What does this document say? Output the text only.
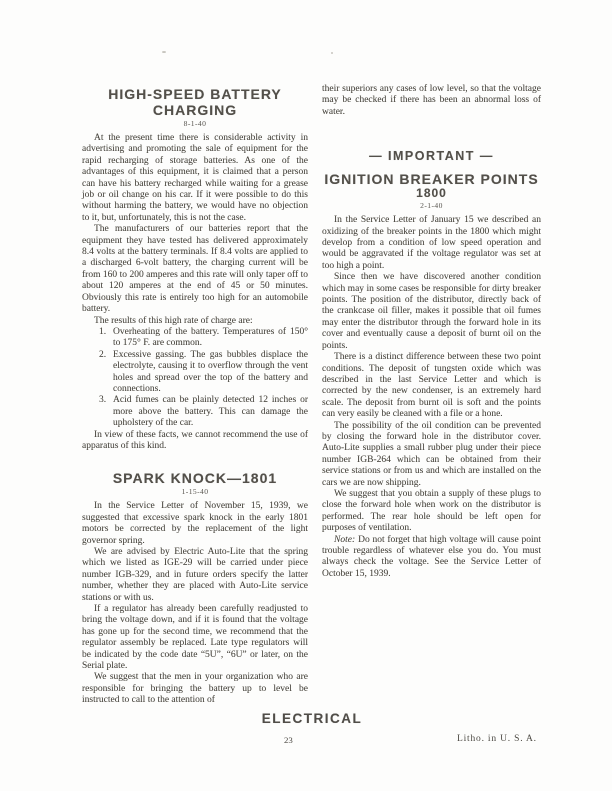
HIGH-SPEED BATTERY
CHARGING
8-1-40

At the present time there is considerable activity in advertising and promoting the sale of equipment for the rapid recharging of storage batteries. As one of the advantages of this equipment, it is claimed that a person can have his battery recharged while waiting for a grease job or oil change on his car. If it were possible to do this without harming the battery, we would have no objection to it, but, unfortunately, this is not the case.

The manufacturers of our batteries report that the equipment they have tested has delivered approximately 8.4 volts at the battery terminals. If 8.4 volts are applied to a discharged 6-volt battery, the charging current will be from 160 to 200 amperes and this rate will only taper off to about 120 amperes at the end of 45 or 50 minutes. Obviously this rate is entirely too high for an automobile battery.

The results of this high rate of charge are:

1. Overheating of the battery. Temperatures of 150° to 175° F. are common.

2. Excessive gassing. The gas bubbles displace the electrolyte, causing it to overflow through the vent holes and spread over the top of the battery and connections.

3. Acid fumes can be plainly detected 12 inches or more above the battery. This can damage the upholstery of the car.

In view of these facts, we cannot recommend the use of apparatus of this kind.

SPARK KNOCK—1801
1-15-40

In the Service Letter of November 15, 1939, we suggested that excessive spark knock in the early 1801 motors be corrected by the replacement of the light governor spring.

We are advised by Electric Auto-Lite that the spring which we listed as IGE-29 will be carried under piece number IGB-329, and in future orders specify the latter number, whether they are placed with Auto-Lite service stations or with us.

If a regulator has already been carefully readjusted to bring the voltage down, and if it is found that the voltage has gone up for the second time, we recommend that the regulator assembly be replaced. Late type regulators will be indicated by the code date “5U”, “6U” or later, on the Serial plate.

We suggest that the men in your organization who are responsible for bringing the battery up to level be instructed to call to the attention of

their superiors any cases of low level, so that the voltage may be checked if there has been an abnormal loss of water.

— IMPORTANT —
IGNITION BREAKER POINTS
1800
2-1-40

In the Service Letter of January 15 we described an oxidizing of the breaker points in the 1800 which might develop from a condition of low speed operation and would be aggravated if the voltage regulator was set at too high a point.

Since then we have discovered another condition which may in some cases be responsible for dirty breaker points. The position of the distributor, directly back of the crankcase oil filler, makes it possible that oil fumes may enter the distributor through the forward hole in its cover and eventually cause a deposit of burnt oil on the points.

There is a distinct difference between these two point conditions. The deposit of tungsten oxide which was described in the last Service Letter and which is corrected by the new condenser, is an extremely hard scale. The deposit from burnt oil is soft and the points can very easily be cleaned with a file or a hone.

The possibility of the oil condition can be prevented by closing the forward hole in the distributor cover. Auto-Lite supplies a small rubber plug under their piece number IGB-264 which can be obtained from their service stations or from us and which are installed on the cars we are now shipping.

We suggest that you obtain a supply of these plugs to close the forward hole when work on the distributor is performed. The rear hole should be left open for purposes of ventilation.

Note: Do not forget that high voltage will cause point trouble regardless of whatever else you do. You must always check the voltage. See the Service Letter of October 15, 1939.

ELECTRICAL
23	Litho. in U. S. A.
